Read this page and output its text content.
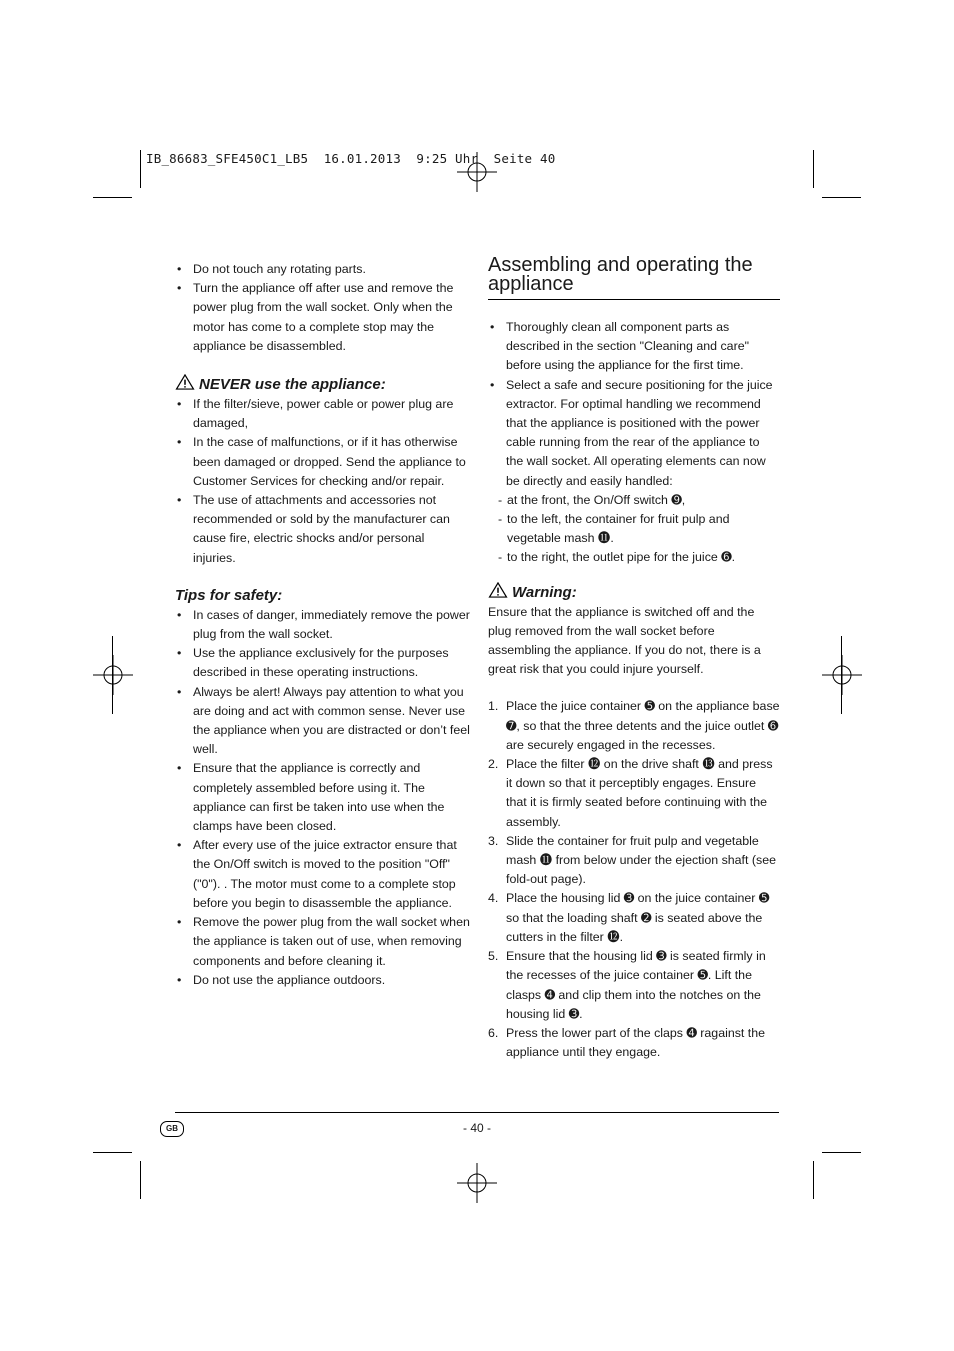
IB_86683_SFE450C1_LB5  16.01.2013  9:25 Uhr  Seite 40
• Do not touch any rotating parts.
• Turn the appliance off after use and remove the power plug from the wall socket. Only when the motor has come to a complete stop may the appliance be disassembled.

NEVER use the appliance:

• If the filter/sieve, power cable or power plug are damaged,
• In the case of malfunctions, or if it has otherwise been damaged or dropped. Send the appliance to Customer Services for checking and/or repair.
• The use of attachments and accessories not recommended or sold by the manufacturer can cause fire, electric shocks and/or personal injuries.

Tips for safety:

• In cases of danger, immediately remove the power plug from the wall socket.
• Use the appliance exclusively for the purposes described in these operating instructions.
• Always be alert! Always pay attention to what you are doing and act with common sense. Never use the appliance when you are distracted or don’t feel well.
• Ensure that the appliance is correctly and completely assembled before using it. The appliance can first be taken into use when the clamps have been closed.
• After every use of the juice extractor ensure that the On/Off switch is moved to the position "Off" ("0"). . The motor must come to a complete stop before you begin to disassemble the appliance.
• Remove the power plug from the wall socket when the appliance is taken out of use, when removing components and before cleaning it.
• Do not use the appliance outdoors.
Assembling and operating the appliance
• Thoroughly clean all component parts as described in the section "Cleaning and care" before using the appliance for the first time.
• Select a safe and secure positioning for the juice extractor. For optimal handling we recommend that the appliance is positioned with the power cable running from the rear of the appliance to the wall socket. All operating elements can now be directly and easily handled:
- at the front, the On/Off switch ➒,
- to the left, the container for fruit pulp and vegetable mash ⓫.
- to the right, the outlet pipe for the juice ➏.

Warning:

Ensure that the appliance is switched off and the plug removed from the wall socket before assembling the appliance. If you do not, there is a great risk that you could injure yourself.

1. Place the juice container ➎ on the appliance base ➐, so that the three detents and the juice outlet ➏ are securely engaged in the recesses.
2. Place the filter ⓬ on the drive shaft ⓭ and press it down so that it perceptibly engages. Ensure that it is firmly seated before continuing with the assembly.
3. Slide the container for fruit pulp and vegetable mash ⓫ from below under the ejection shaft (see fold-out page).
4. Place the housing lid ➌ on the juice container ➎ so that the loading shaft ➋ is seated above the cutters in the filter ⓬.
5. Ensure that the housing lid ➌ is seated firmly in the recesses of the juice container ➎. Lift the clasps ➍ and clip them into the notches on the housing lid ➌.
6. Press the lower part of the claps ➍ ragainst the appliance until they engage.
GB	- 40 -
